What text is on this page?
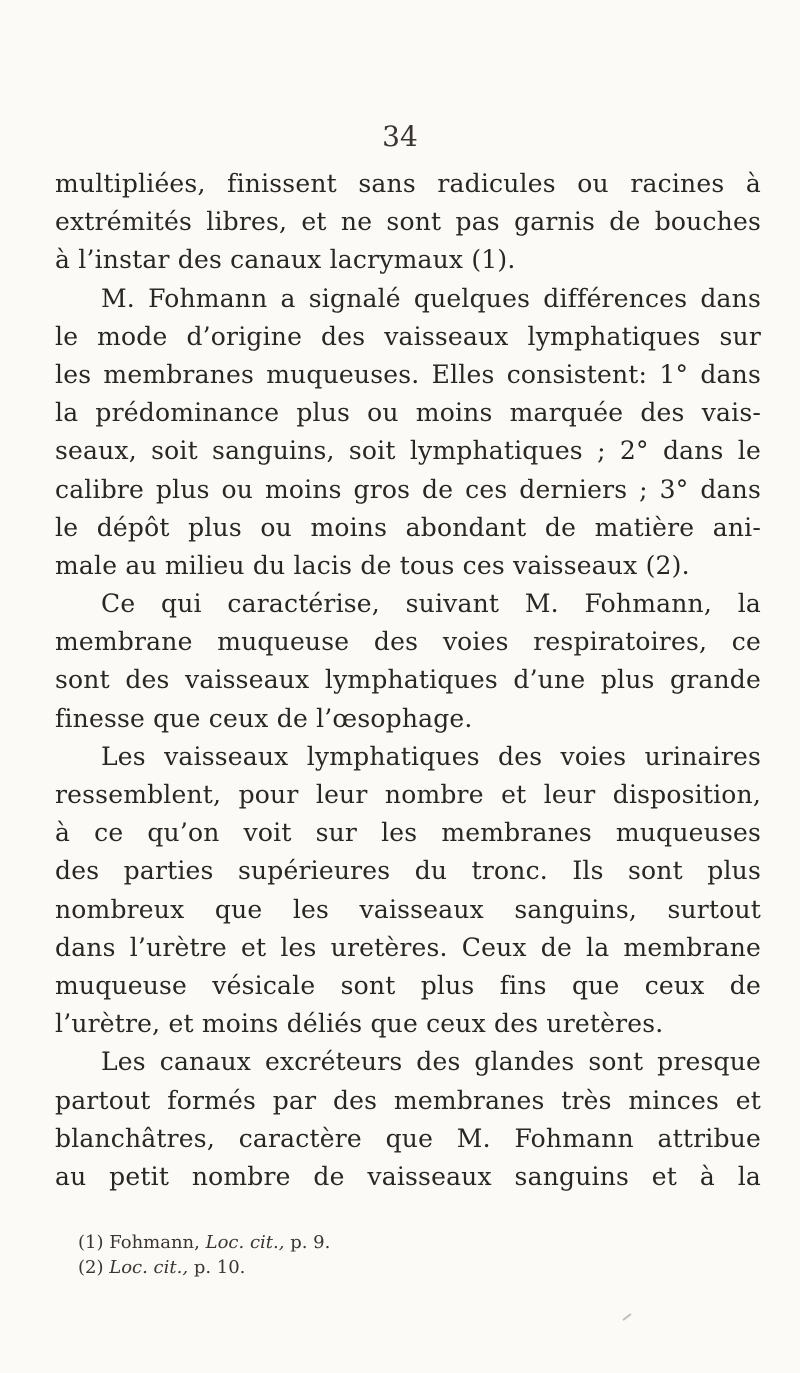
34
multipliées, finissent sans radicules ou racines à
extrémités libres, et ne sont pas garnis de bouches
à l’instar des canaux lacrymaux (1).
M. Fohmann a signalé quelques différences dans
le mode d’origine des vaisseaux lymphatiques sur
les membranes muqueuses. Elles consistent: 1° dans
la prédominance plus ou moins marquée des vais-
seaux, soit sanguins, soit lymphatiques ; 2° dans le
calibre plus ou moins gros de ces derniers ; 3° dans
le dépôt plus ou moins abondant de matière ani-
male au milieu du lacis de tous ces vaisseaux (2).
Ce qui caractérise, suivant M. Fohmann, la
membrane muqueuse des voies respiratoires, ce
sont des vaisseaux lymphatiques d’une plus grande
finesse que ceux de l’œsophage.
Les vaisseaux lymphatiques des voies urinaires
ressemblent, pour leur nombre et leur disposition,
à ce qu’on voit sur les membranes muqueuses
des parties supérieures du tronc. Ils sont plus
nombreux que les vaisseaux sanguins, surtout
dans l’urètre et les uretères. Ceux de la membrane
muqueuse vésicale sont plus fins que ceux de
l’urètre, et moins déliés que ceux des uretères.
Les canaux excréteurs des glandes sont presque
partout formés par des membranes très minces et
blanchâtres, caractère que M. Fohmann attribue
au petit nombre de vaisseaux sanguins et à la
(1) Fohmann, Loc. cit., p. 9.
(2) Loc. cit., p. 10.
